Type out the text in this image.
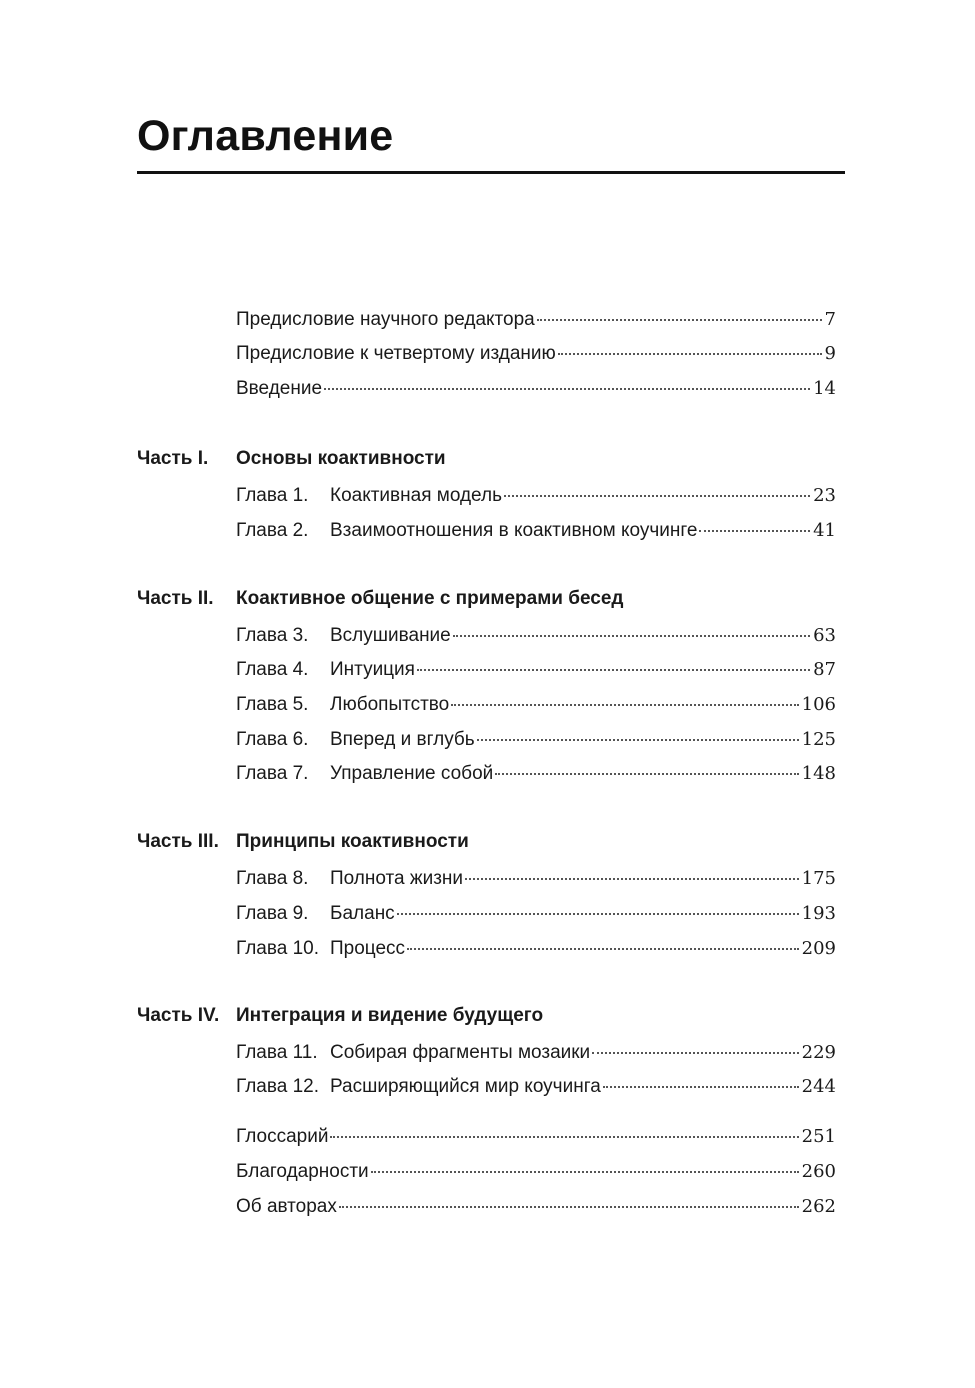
Оглавление
Предисловие научного редактора	7
Предисловие к четвертому изданию	9
Введение	14
Часть I.	Основы коактивности
Глава 1.	Коактивная модель	23
Глава 2.	Взаимоотношения в коактивном коучинге	41
Часть II.	Коактивное общение с примерами бесед
Глава 3.	Вслушивание	63
Глава 4.	Интуиция	87
Глава 5.	Любопытство	106
Глава 6.	Вперед и вглубь	125
Глава 7.	Управление собой	148
Часть III. Принципы коактивности
Глава 8.	Полнота жизни	175
Глава 9.	Баланс	193
Глава 10. Процесс	209
Часть IV. Интеграция и видение будущего
Глава 11. Собирая фрагменты мозаики	229
Глава 12. Расширяющийся мир коучинга	244
Глоссарий	251
Благодарности	260
Об авторах	262
